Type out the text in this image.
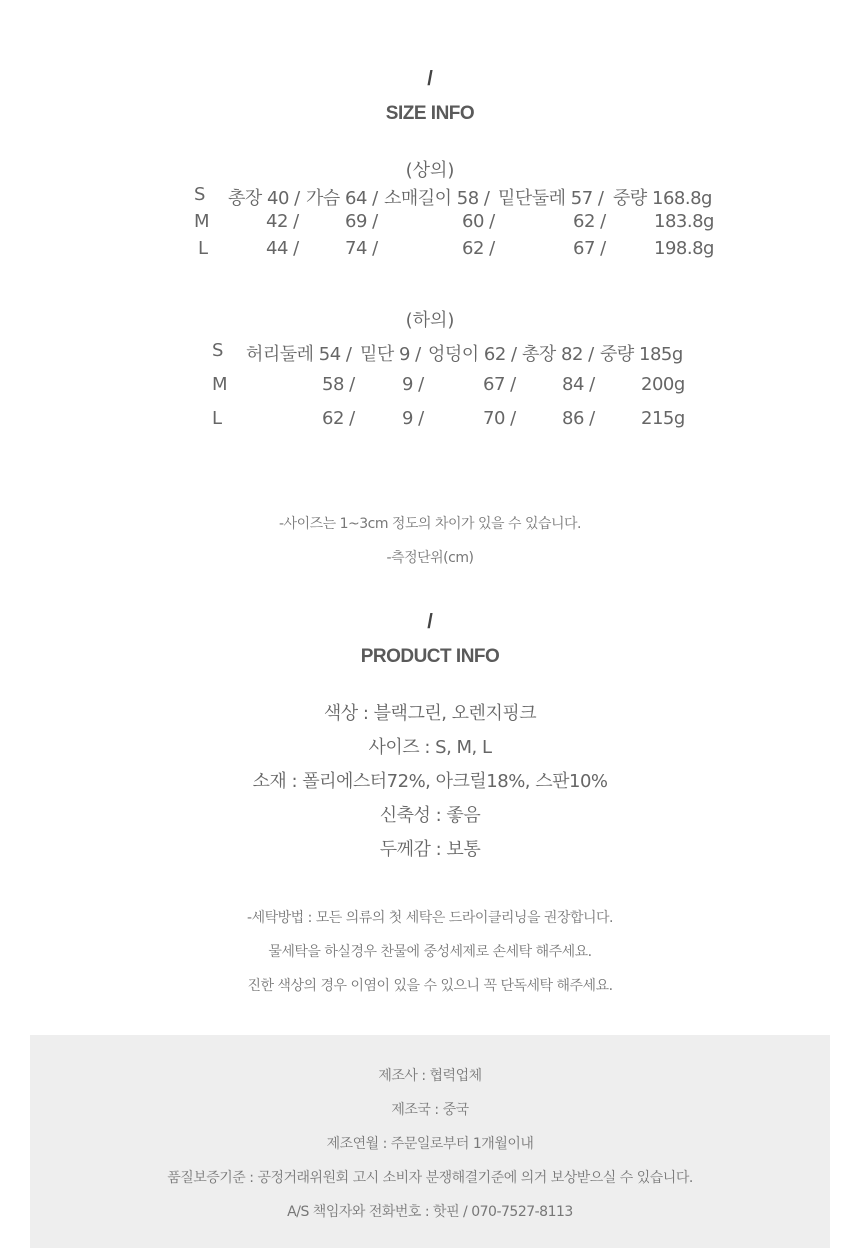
/
SIZE INFO
(상의)
S 총장 40 / 가슴 64 / 소매길이 58 / 밑단둘레 57 / 중량 168.8g
M	42 /	69 /	60 /	62 /	183.8g
L	44 /	74 /	62 /	67 /	198.8g
(하의)
S 허리둘레 54 / 밑단 9 / 엉덩이 62 / 총장 82 / 중량 185g
M	58 /	9 /	67 /	84 /	200g
L	62 /	9 /	70 /	86 /	215g
-사이즈는 1~3cm 정도의 차이가 있을 수 있습니다.
-측정단위(cm)
/
PRODUCT INFO
색상 : 블랙그린, 오렌지핑크
사이즈 : S, M, L
소재 : 폴리에스터72%, 아크릴18%, 스판10%
신축성 : 좋음
두께감 : 보통
-세탁방법 : 모든 의류의 첫 세탁은 드라이클리닝을 권장합니다.
물세탁을 하실경우 찬물에 중성세제로 손세탁 해주세요.
진한 색상의 경우 이염이 있을 수 있으니 꼭 단독세탁 해주세요.
제조사 : 협력업체
제조국 : 중국
제조연월 : 주문일로부터 1개월이내
품질보증기준 : 공정거래위원회 고시 소비자 분쟁해결기준에 의거 보상받으실 수 있습니다.
A/S 책임자와 전화번호 : 핫핀 / 070-7527-8113
